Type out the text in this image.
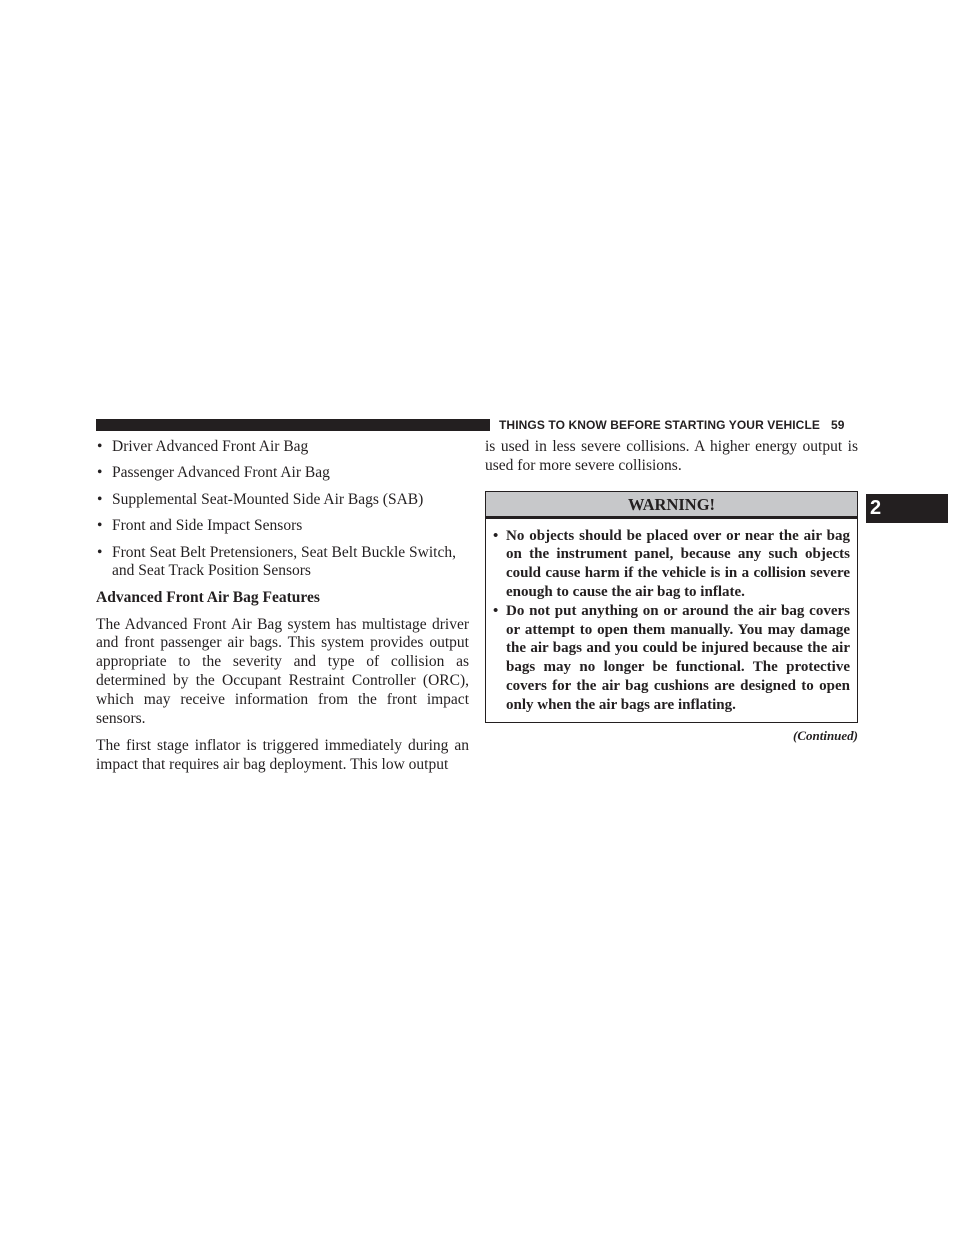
THINGS TO KNOW BEFORE STARTING YOUR VEHICLE 59
2
• Driver Advanced Front Air Bag
• Passenger Advanced Front Air Bag
• Supplemental Seat-Mounted Side Air Bags (SAB)
• Front and Side Impact Sensors
• Front Seat Belt Pretensioners, Seat Belt Buckle Switch, and Seat Track Position Sensors
Advanced Front Air Bag Features

The Advanced Front Air Bag system has multistage driver and front passenger air bags. This system provides output appropriate to the severity and type of collision as determined by the Occupant Restraint Controller (ORC), which may receive information from the front impact sensors.

The first stage inflator is triggered immediately during an impact that requires air bag deployment. This low output

is used in less severe collisions. A higher energy output is used for more severe collisions.

WARNING!
• No objects should be placed over or near the air bag on the instrument panel, because any such objects could cause harm if the vehicle is in a collision severe enough to cause the air bag to inflate.
• Do not put anything on or around the air bag covers or attempt to open them manually. You may damage the air bags and you could be injured because the air bags may no longer be functional. The protective covers for the air bag cushions are designed to open only when the air bags are inflating.
(Continued)
